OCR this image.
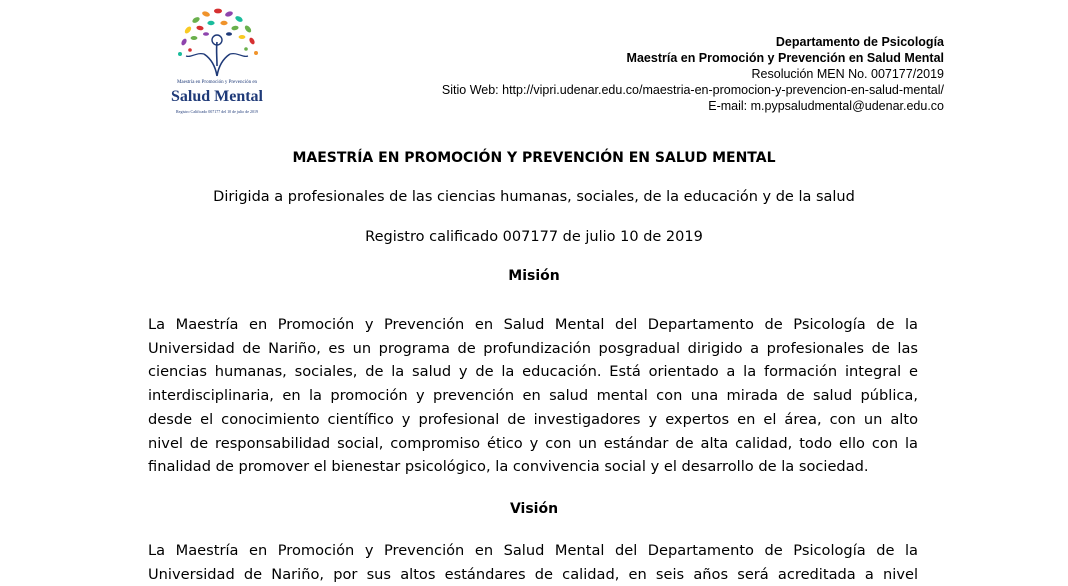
Maestría en Promoción y Prevención en
Salud Mental
Registro Calificado 007177 del 10 de julio de 2019
Departamento de Psicología
Maestría en Promoción y Prevención en Salud Mental
Resolución MEN No. 007177/2019
Sitio Web: http://vipri.udenar.edu.co/maestria-en-promocion-y-prevencion-en-salud-mental/
E-mail: m.pypsaludmental@udenar.edu.co
MAESTRÍA EN PROMOCIÓN Y PREVENCIÓN EN SALUD MENTAL
Dirigida a profesionales de las ciencias humanas, sociales, de la educación y de la salud
Registro calificado 007177 de julio 10 de 2019
Misión
La Maestría en Promoción y Prevención en Salud Mental del Departamento de Psicología de la
Universidad de Nariño, es un programa de profundización posgradual dirigido a profesionales de las
ciencias humanas, sociales, de la salud y de la educación. Está orientado a la formación integral e
interdisciplinaria, en la promoción y prevención en salud mental con una mirada de salud pública,
desde el conocimiento científico y profesional de investigadores y expertos en el área, con un alto
nivel de responsabilidad social, compromiso ético y con un estándar de alta calidad, todo ello con la
finalidad de promover el bienestar psicológico, la convivencia social y el desarrollo de la sociedad.
Visión
La Maestría en Promoción y Prevención en Salud Mental del Departamento de Psicología de la
Universidad de Nariño, por sus altos estándares de calidad, en seis años será acreditada a nivel
